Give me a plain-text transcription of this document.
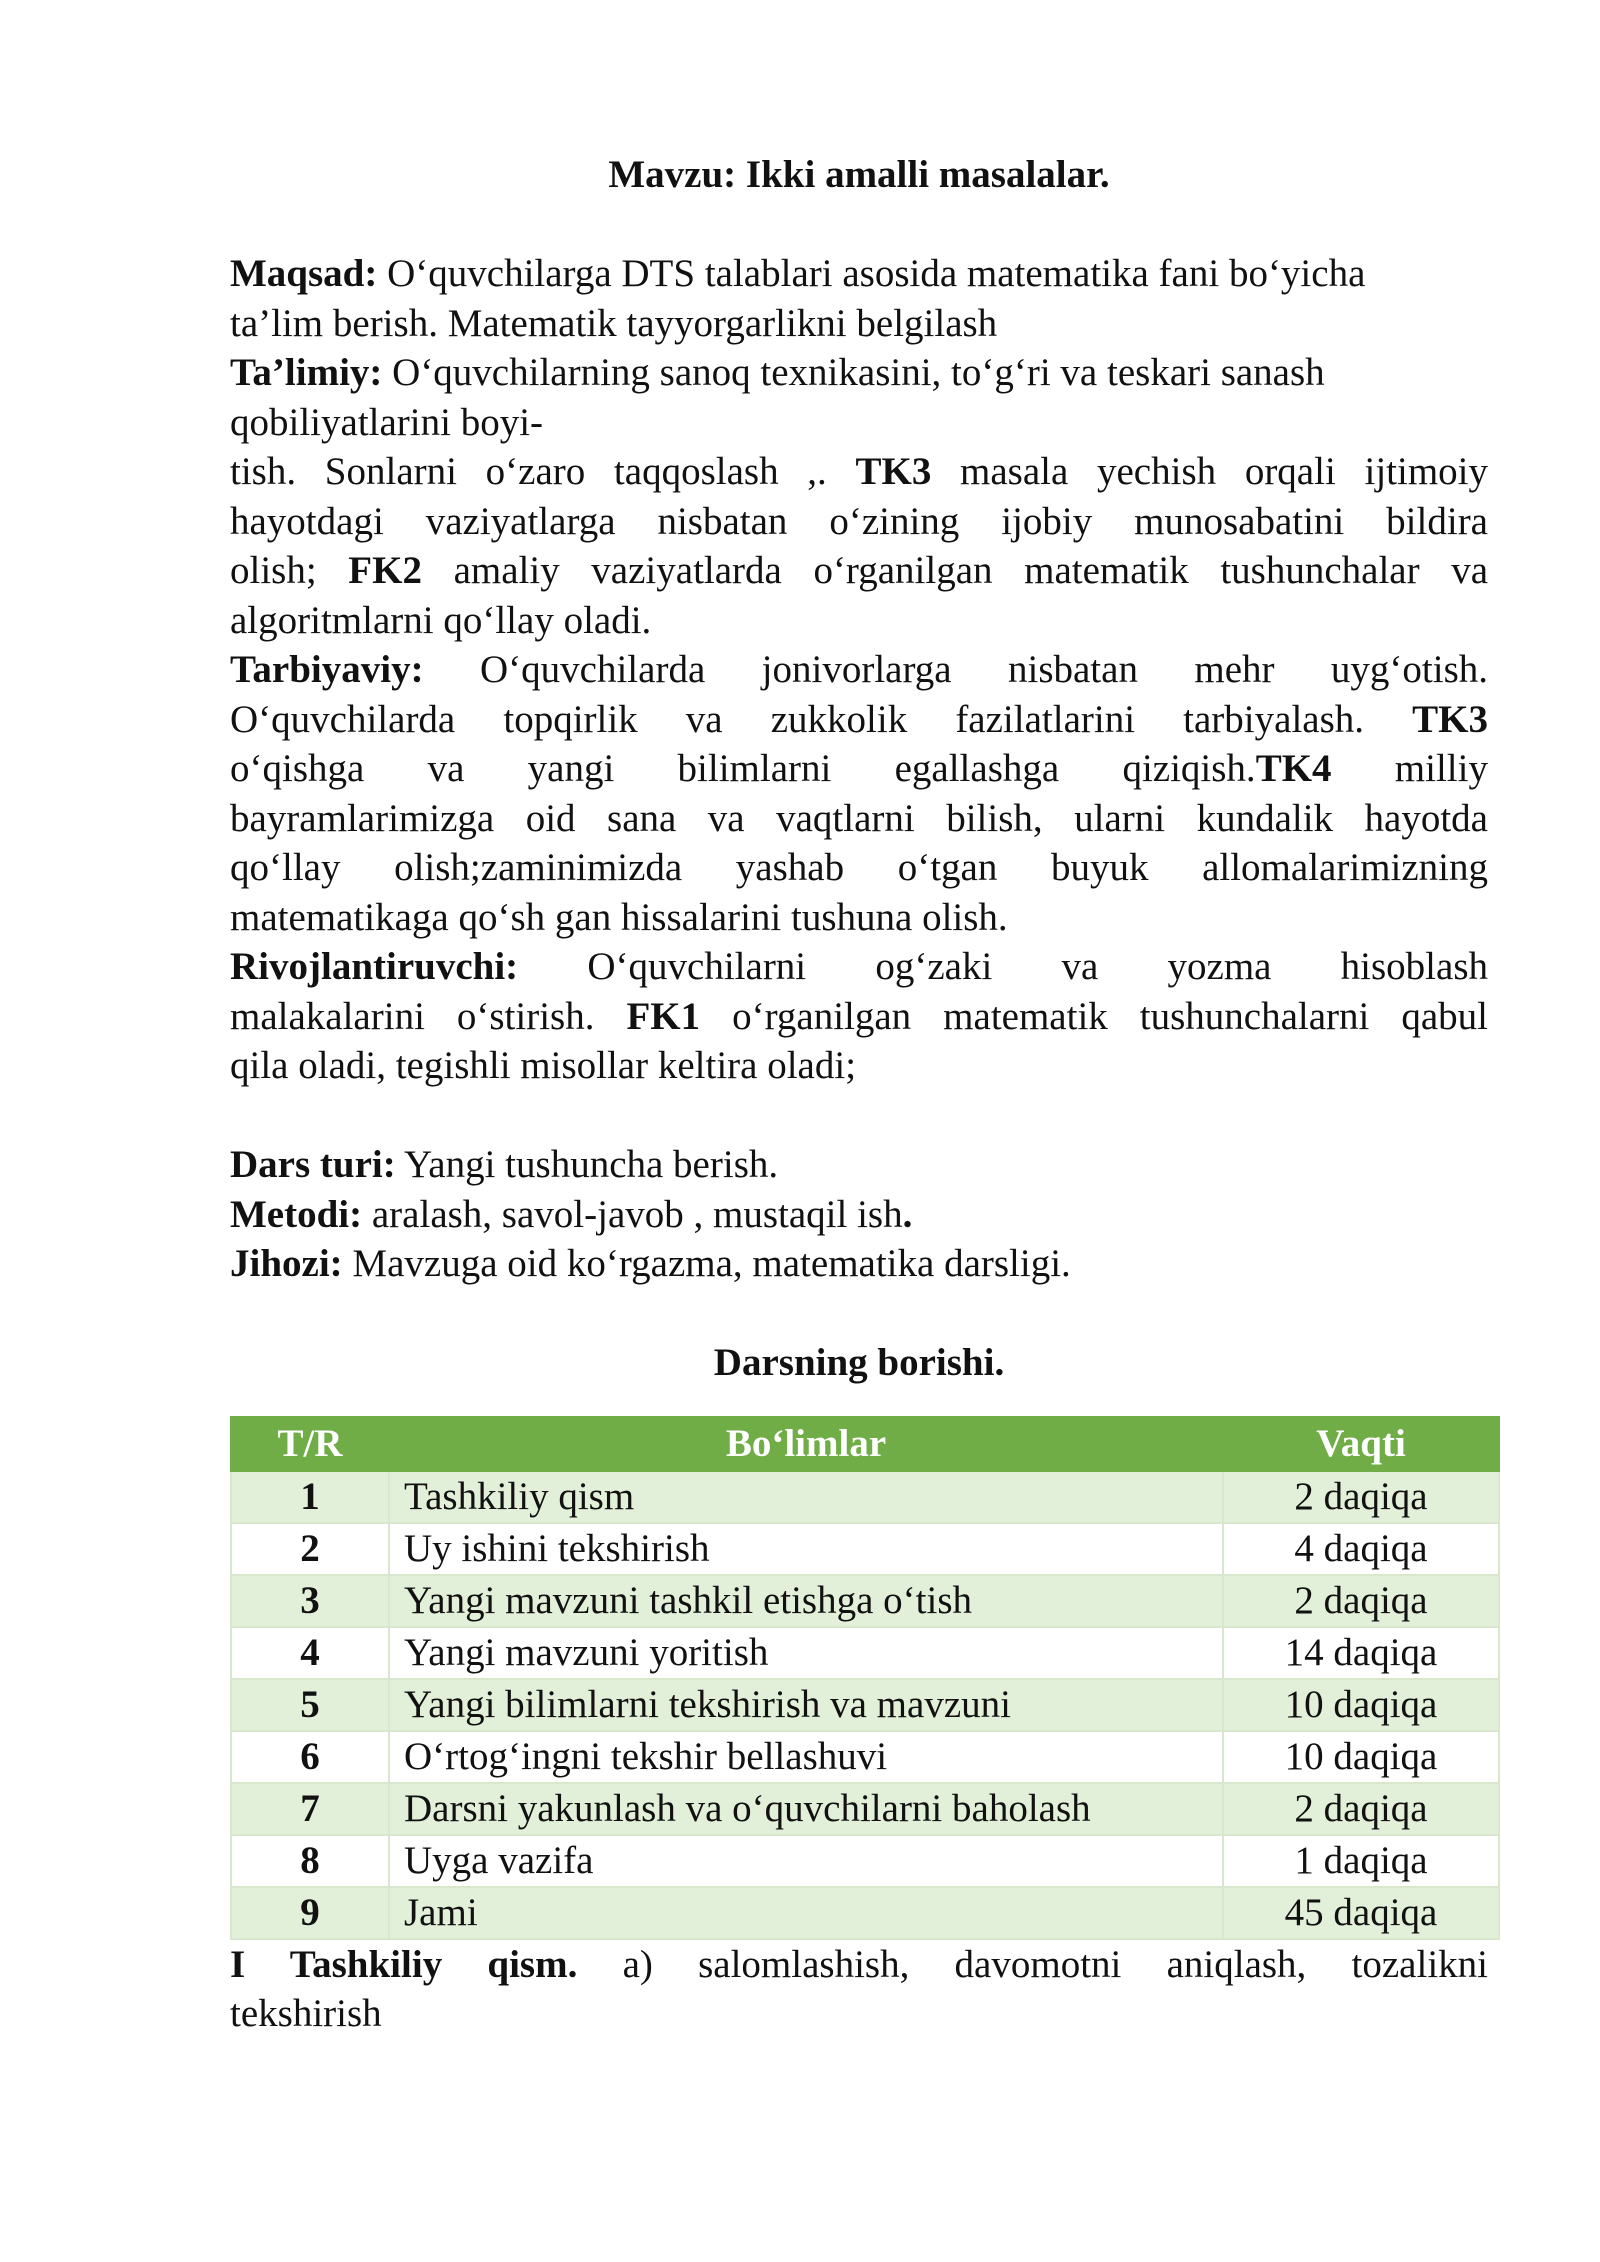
Mavzu: Ikki amalli masalalar.

Maqsad: O‘quvchilarga DTS talablari asosida matematika fani bo‘yicha

ta’lim berish. Matematik tayyorgarlikni belgilash

Ta’limiy: O‘quvchilarning sanoq texnikasini, to‘g‘ri va teskari sanash

qobiliyatlarini boyi-

tish. Sonlarni o‘zaro taqqoslash ,. TK3 masala yechish orqali ijtimoiy

hayotdagi vaziyatlarga nisbatan o‘zining ijobiy munosabatini bildira

olish; FK2 amaliy vaziyatlarda o‘rganilgan matematik tushunchalar va

algoritmlarni qo‘llay oladi.

Tarbiyaviy: O‘quvchilarda jonivorlarga nisbatan mehr uyg‘otish.

O‘quvchilarda topqirlik va zukkolik fazilatlarini tarbiyalash. TK3

o‘qishga va yangi bilimlarni egallashga qiziqish.TK4 milliy

bayramlarimizga oid sana va vaqtlarni bilish, ularni kundalik hayotda

qo‘llay olish;zaminimizda yashab o‘tgan buyuk allomalarimizning

matematikaga qo‘sh gan hissalarini tushuna olish.

Rivojlantiruvchi: O‘quvchilarni og‘zaki va yozma hisoblash

malakalarini o‘stirish. FK1 o‘rganilgan matematik tushunchalarni qabul

qila oladi, tegishli misollar keltira oladi;

Dars turi: Yangi tushuncha berish.

Metodi: aralash, savol-javob , mustaqil ish.

Jihozi: Mavzuga oid ko‘rgazma, matematika darsligi.

Darsning borishi.

T/R	Bo‘limlar	Vaqti
1	Tashkiliy qism	2 daqiqa
2	Uy ishini tekshirish	4 daqiqa
3	Yangi mavzuni tashkil etishga o‘tish	2 daqiqa
4	Yangi mavzuni yoritish	14 daqiqa
5	Yangi bilimlarni tekshirish va mavzuni	10 daqiqa
6	O‘rtog‘ingni tekshir bellashuvi	10 daqiqa
7	Darsni yakunlash va o‘quvchilarni baholash	2 daqiqa
8	Uyga vazifa	1 daqiqa
9	Jami	45 daqiqa

I Tashkiliy qism. a) salomlashish, davomotni aniqlash, tozalikni

tekshirish
